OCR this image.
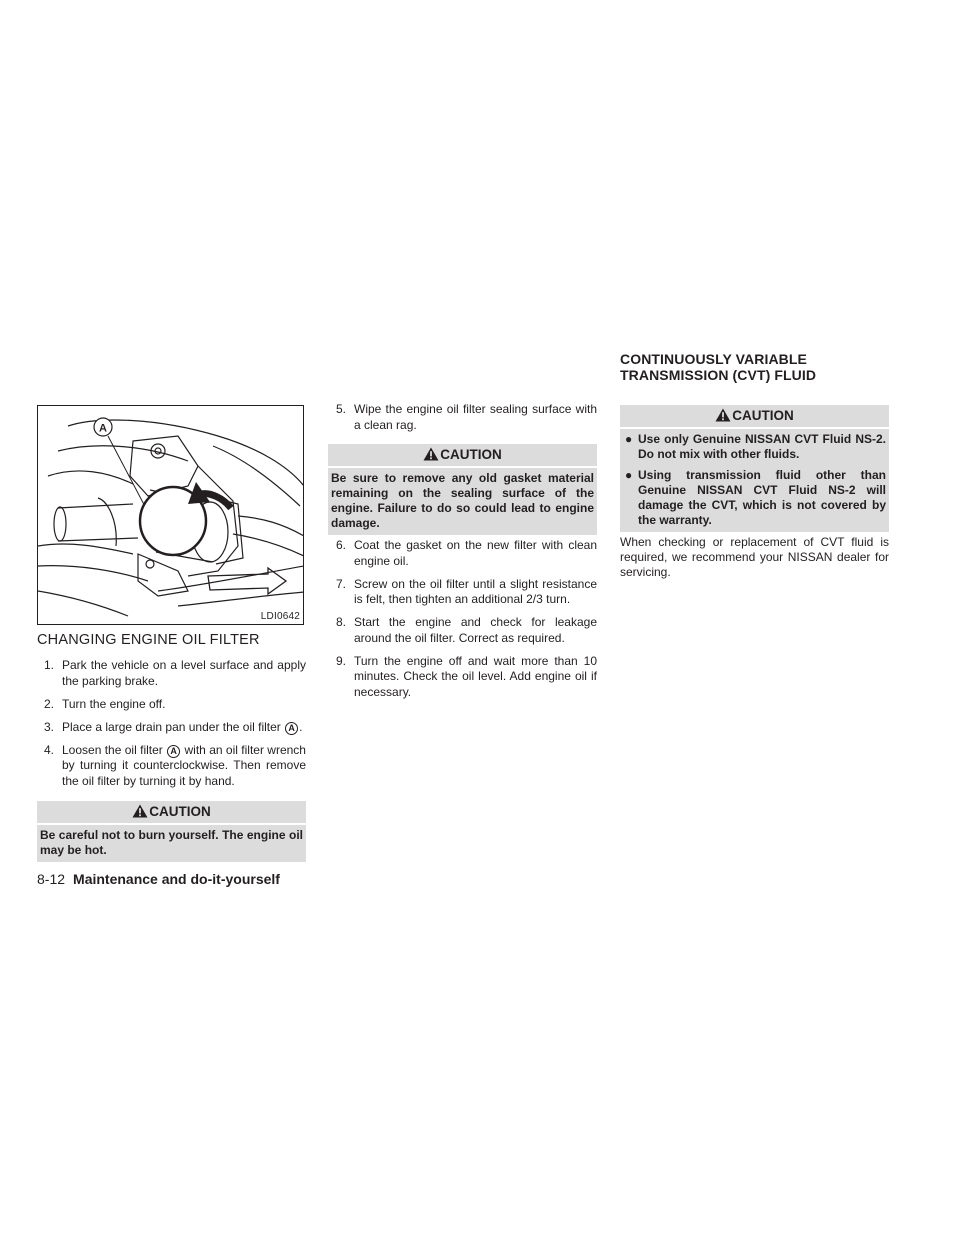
A
LDI0642
CHANGING ENGINE OIL FILTER
1. Park the vehicle on a level surface and apply the parking brake.
2. Turn the engine off.
3. Place a large drain pan under the oil filter A .
4. Loosen the oil filter A with an oil filter wrench by turning it counterclockwise. Then remove the oil filter by turning it by hand.
CAUTION
Be careful not to burn yourself. The engine oil may be hot.
5. Wipe the engine oil filter sealing surface with a clean rag.
CAUTION
Be sure to remove any old gasket material remaining on the sealing surface of the engine. Failure to do so could lead to engine damage.
6. Coat the gasket on the new filter with clean engine oil.
7. Screw on the oil filter until a slight resistance is felt, then tighten an additional 2/3 turn.
8. Start the engine and check for leakage around the oil filter. Correct as required.
9. Turn the engine off and wait more than 10 minutes. Check the oil level. Add engine oil if necessary.
CONTINUOUSLY VARIABLE
TRANSMISSION (CVT) FLUID
CAUTION
● Use only Genuine NISSAN CVT Fluid NS-2. Do not mix with other fluids.
● Using transmission fluid other than Genuine NISSAN CVT Fluid NS-2 will damage the CVT, which is not covered by the warranty.
When checking or replacement of CVT fluid is required, we recommend your NISSAN dealer for servicing.
8-12 Maintenance and do-it-yourself
